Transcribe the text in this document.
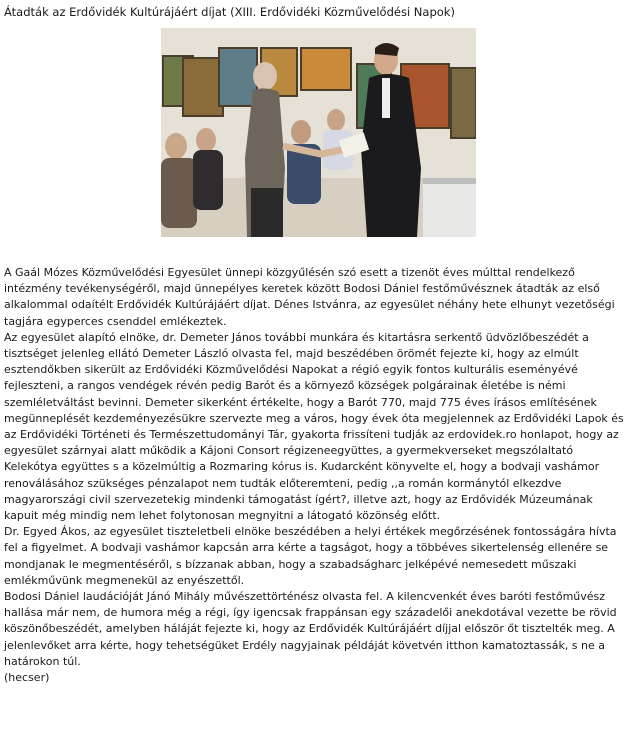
Átadták az Erdővidék Kultúrájáért díjat (XIII. Erdővidéki Közművelődési Napok)

A Gaál Mózes Közművelődési Egyesület ünnepi közgyűlésén szó esett a tizenöt éves múlttal rendelkező intézmény tevékenységéről, majd ünnepélyes keretek között Bodosi Dániel festőművésznek átadták az első alkalommal odaítélt Erdővidék Kultúrájáért díjat. Dénes Istvánra, az egyesület néhány hete elhunyt vezetőségi tagjára egyperces csenddel emlékeztek.

Az egyesület alapító elnöke, dr. Demeter János további munkára és kitartásra serkentő üdvözlőbeszédét a tisztséget jelenleg ellátó Demeter László olvasta fel, majd beszédében örömét fejezte ki, hogy az elmúlt esztendőkben sikerült az Erdővidéki Közművelődési Napokat a régió egyik fontos kulturális eseményévé fejleszteni, a rangos vendégek révén pedig Barót és a környező községek polgárainak életébe is némi szemléletváltást bevinni. Demeter sikerként értékelte, hogy a Barót 770, majd 775 éves írásos említésének megünneplését kezdeményezésükre szervezte meg a város, hogy évek óta megjelennek az Erdővidéki Lapok és az Erdővidéki Történeti és Természettudományi Tár, gyakorta frissíteni tudják az erdovidek.ro honlapot, hogy az egyesület szárnyai alatt működik a Kájoni Consort régizeneegyüttes, a gyermekverseket megszólaltató Kelekótya együttes s a közelmúltig a Rozmaring kórus is. Kudarcként könyvelte el, hogy a bodvaji vashámor renoválásához szükséges pénzalapot nem tudták előteremteni, pedig ,,a román kormánytól elkezdve magyarországi civil szervezetekig mindenki támogatást ígért?, illetve azt, hogy az Erdővidék Múzeumának kapuit még mindig nem lehet folytonosan megnyitni a látogató közönség előtt.

Dr. Egyed Ákos, az egyesület tiszteletbeli elnöke beszédében a helyi értékek megőrzésének fontosságára hívta fel a figyelmet. A bodvaji vashámor kapcsán arra kérte a tagságot, hogy a többéves sikertelenség ellenére se mondjanak le megmentéséről, s bízzanak abban, hogy a szabadságharc jelképévé nemesedett műszaki emlékművünk megmenekül az enyészettől.

Bodosi Dániel laudációját Jánó Mihály művészettörténész olvasta fel. A kilencvenkét éves baróti festőművész hallása már nem, de humora még a régi, így igencsak frappánsan egy századelői anekdotával vezette be rövid köszönőbeszédét, amelyben háláját fejezte ki, hogy az Erdővidék Kultúrájáért díjjal először őt tisztelték meg. A jelenlevőket arra kérte, hogy tehetségüket Erdély nagyjainak példáját követvén itthon kamatoztassák, s ne a határokon túl.

(hecser)
